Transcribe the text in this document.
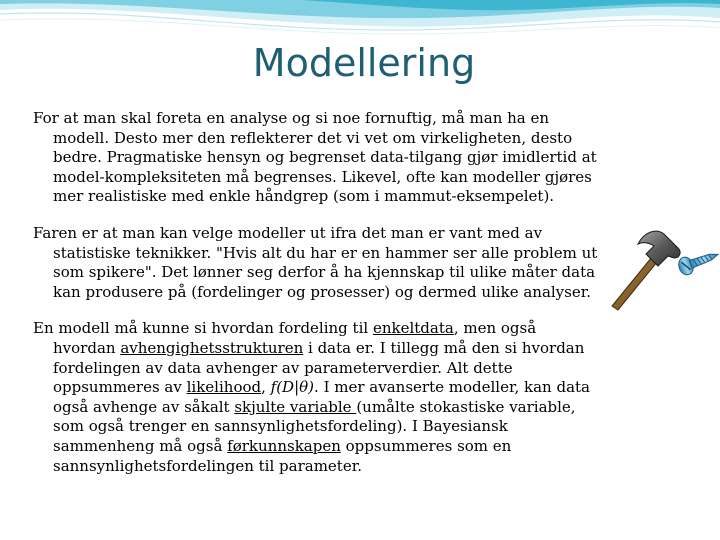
Modellering

For at man skal foreta en analyse og si noe fornuftig, må man ha en
modell. Desto mer den reflekterer det vi vet om virkeligheten, desto
bedre. Pragmatiske hensyn og begrenset data-tilgang gjør imidlertid at
model-kompleksiteten må begrenses. Likevel, ofte kan modeller gjøres
mer realistiske med enkle håndgrep (som i mammut-eksempelet).

Faren er at man kan velge modeller ut ifra det man er vant med av
statistiske teknikker. "Hvis alt du har er en hammer ser alle problem ut
som spikere". Det lønner seg derfor å ha kjennskap til ulike måter data
kan produsere på (fordelinger og prosesser) og dermed ulike analyser.

En modell må kunne si hvordan fordeling til enkeltdata, men også
hvordan avhengighetsstrukturen i data er. I tillegg må den si hvordan
fordelingen av data avhenger av parameterverdier. Alt dette
oppsummeres av likelihood, f(D|θ). I mer avanserte modeller, kan data
også avhenge av såkalt skjulte variable (umålte stokastiske variable,
som også trenger en sannsynlighetsfordeling). I Bayesiansk
sammenheng må også førkunnskapen oppsummeres som en
sannsynlighetsfordelingen til parameter.
